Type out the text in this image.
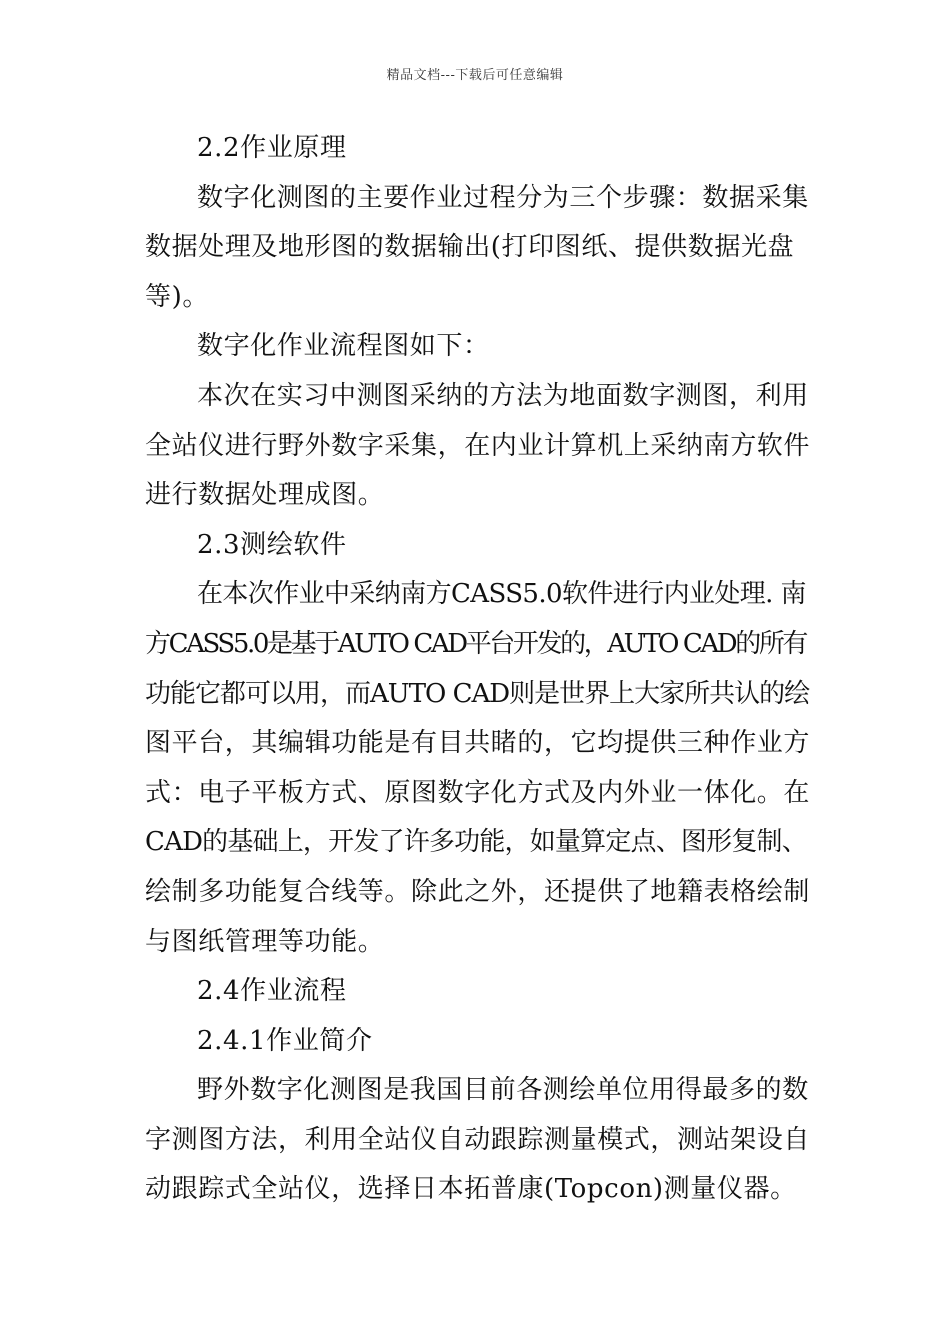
精品文档---下载后可任意编辑

2.2作业原理

数字化测图的主要作业过程分为三个步骤：数据采集

数据处理及地形图的数据输出(打印图纸、提供数据光盘

等)。

数字化作业流程图如下：

本次在实习中测图采纳的方法为地面数字测图，利用

全站仪进行野外数字采集，在内业计算机上采纳南方软件

进行数据处理成图。

2.3测绘软件

在本次作业中采纳南方CASS5.0软件进行内业处理. 南

方CASS5.0是基于AUTO CAD平台开发的，AUTO CAD的所有

功能它都可以用，而AUTO CAD则是世界上大家所共认的绘

图平台，其编辑功能是有目共睹的，它均提供三种作业方

式：电子平板方式、原图数字化方式及内外业一体化。在

CAD的基础上，开发了许多功能，如量算定点、图形复制、

绘制多功能复合线等。除此之外，还提供了地籍表格绘制

与图纸管理等功能。

2.4作业流程

2.4.1作业简介

野外数字化测图是我国目前各测绘单位用得最多的数

字测图方法，利用全站仪自动跟踪测量模式，测站架设自

动跟踪式全站仪，选择日本拓普康(Topcon)测量仪器。
